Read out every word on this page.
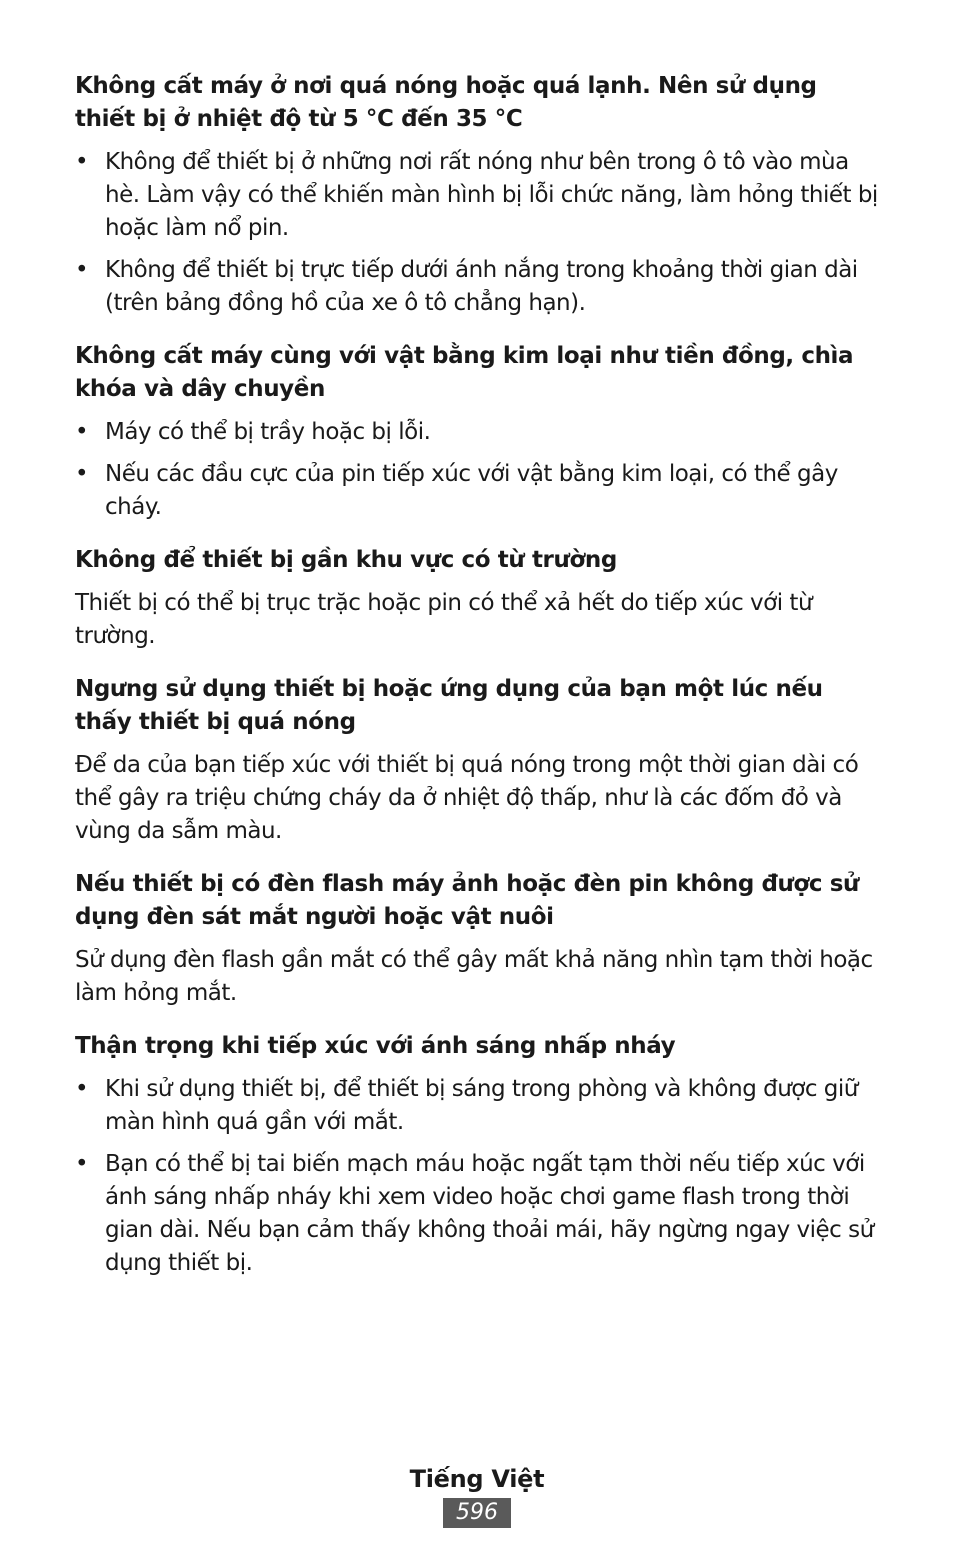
Không cất máy ở nơi quá nóng hoặc quá lạnh. Nên sử dụng thiết bị ở nhiệt độ từ 5 °C đến 35 °C
• Không để thiết bị ở những nơi rất nóng như bên trong ô tô vào mùa hè. Làm vậy có thể khiến màn hình bị lỗi chức năng, làm hỏng thiết bị hoặc làm nổ pin.
• Không để thiết bị trực tiếp dưới ánh nắng trong khoảng thời gian dài (trên bảng đồng hồ của xe ô tô chẳng hạn).
Không cất máy cùng với vật bằng kim loại như tiền đồng, chìa khóa và dây chuyền
• Máy có thể bị trầy hoặc bị lỗi.
• Nếu các đầu cực của pin tiếp xúc với vật bằng kim loại, có thể gây cháy.
Không để thiết bị gần khu vực có từ trường

Thiết bị có thể bị trục trặc hoặc pin có thể xả hết do tiếp xúc với từ trường.

Ngưng sử dụng thiết bị hoặc ứng dụng của bạn một lúc nếu thấy thiết bị quá nóng

Để da của bạn tiếp xúc với thiết bị quá nóng trong một thời gian dài có thể gây ra triệu chứng cháy da ở nhiệt độ thấp, như là các đốm đỏ và vùng da sẫm màu.

Nếu thiết bị có đèn flash máy ảnh hoặc đèn pin không được sử dụng đèn sát mắt người hoặc vật nuôi

Sử dụng đèn flash gần mắt có thể gây mất khả năng nhìn tạm thời hoặc làm hỏng mắt.

Thận trọng khi tiếp xúc với ánh sáng nhấp nháy
• Khi sử dụng thiết bị, để thiết bị sáng trong phòng và không được giữ màn hình quá gần với mắt.
• Bạn có thể bị tai biến mạch máu hoặc ngất tạm thời nếu tiếp xúc với ánh sáng nhấp nháy khi xem video hoặc chơi game flash trong thời gian dài. Nếu bạn cảm thấy không thoải mái, hãy ngừng ngay việc sử dụng thiết bị.
Tiếng Việt
596
